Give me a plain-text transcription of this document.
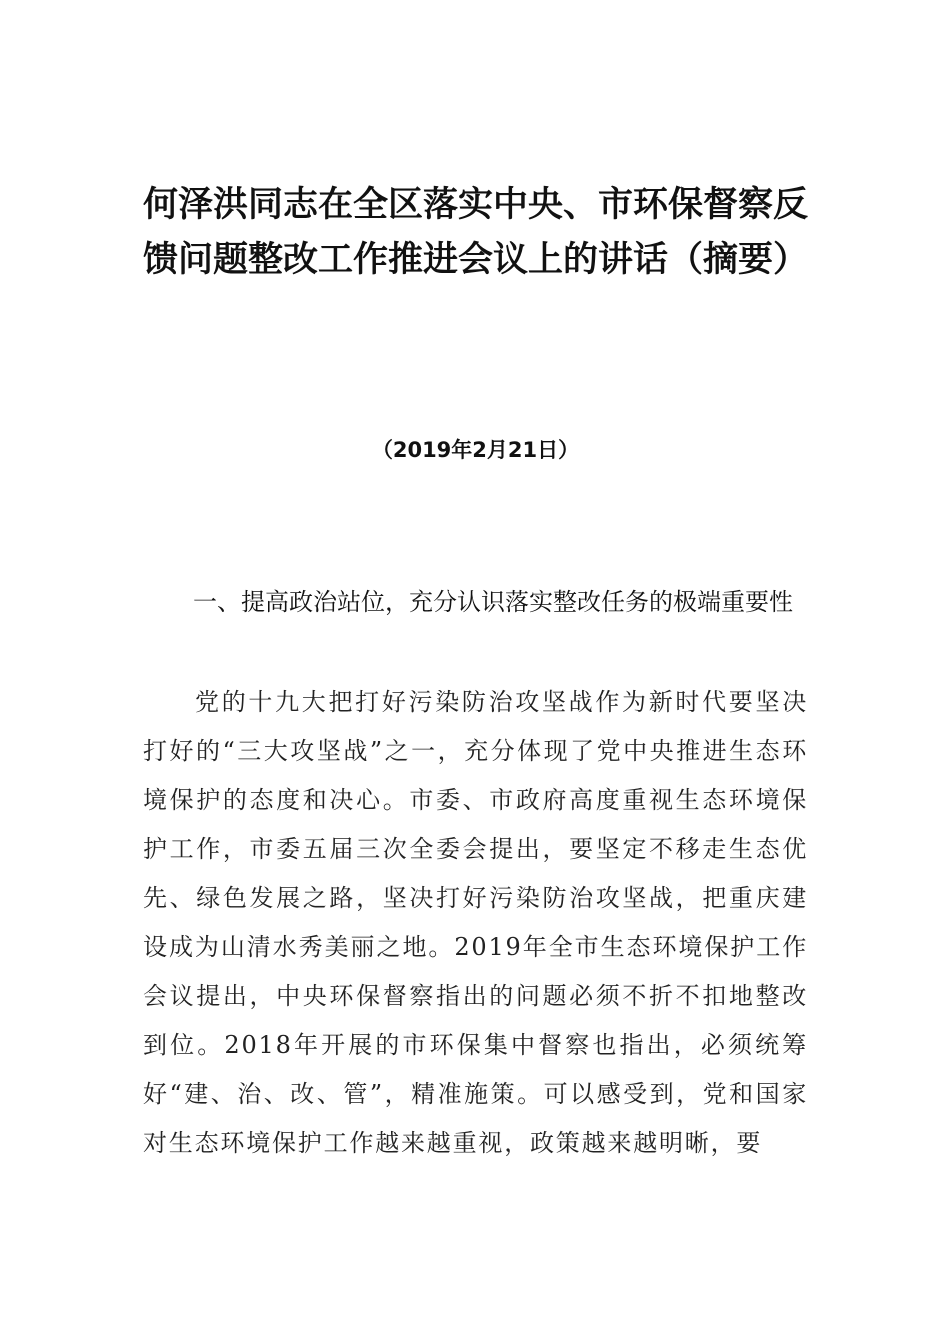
何泽洪同志在全区落实中央、市环保督察反馈问题整改工作推进会议上的讲话（摘要）
（2019年2月21日）
一、提高政治站位，充分认识落实整改任务的极端重要性

党的十九大把打好污染防治攻坚战作为新时代要坚决打好的“三大攻坚战”之一，充分体现了党中央推进生态环境保护的态度和决心。市委、市政府高度重视生态环境保护工作，市委五届三次全委会提出，要坚定不移走生态优先、绿色发展之路，坚决打好污染防治攻坚战，把重庆建设成为山清水秀美丽之地。2019年全市生态环境保护工作会议提出，中央环保督察指出的问题必须不折不扣地整改到位。2018年开展的市环保集中督察也指出，必须统筹好“建、治、改、管”，精准施策。可以感受到，党和国家对生态环境保护工作越来越重视，政策越来越明晰，要
